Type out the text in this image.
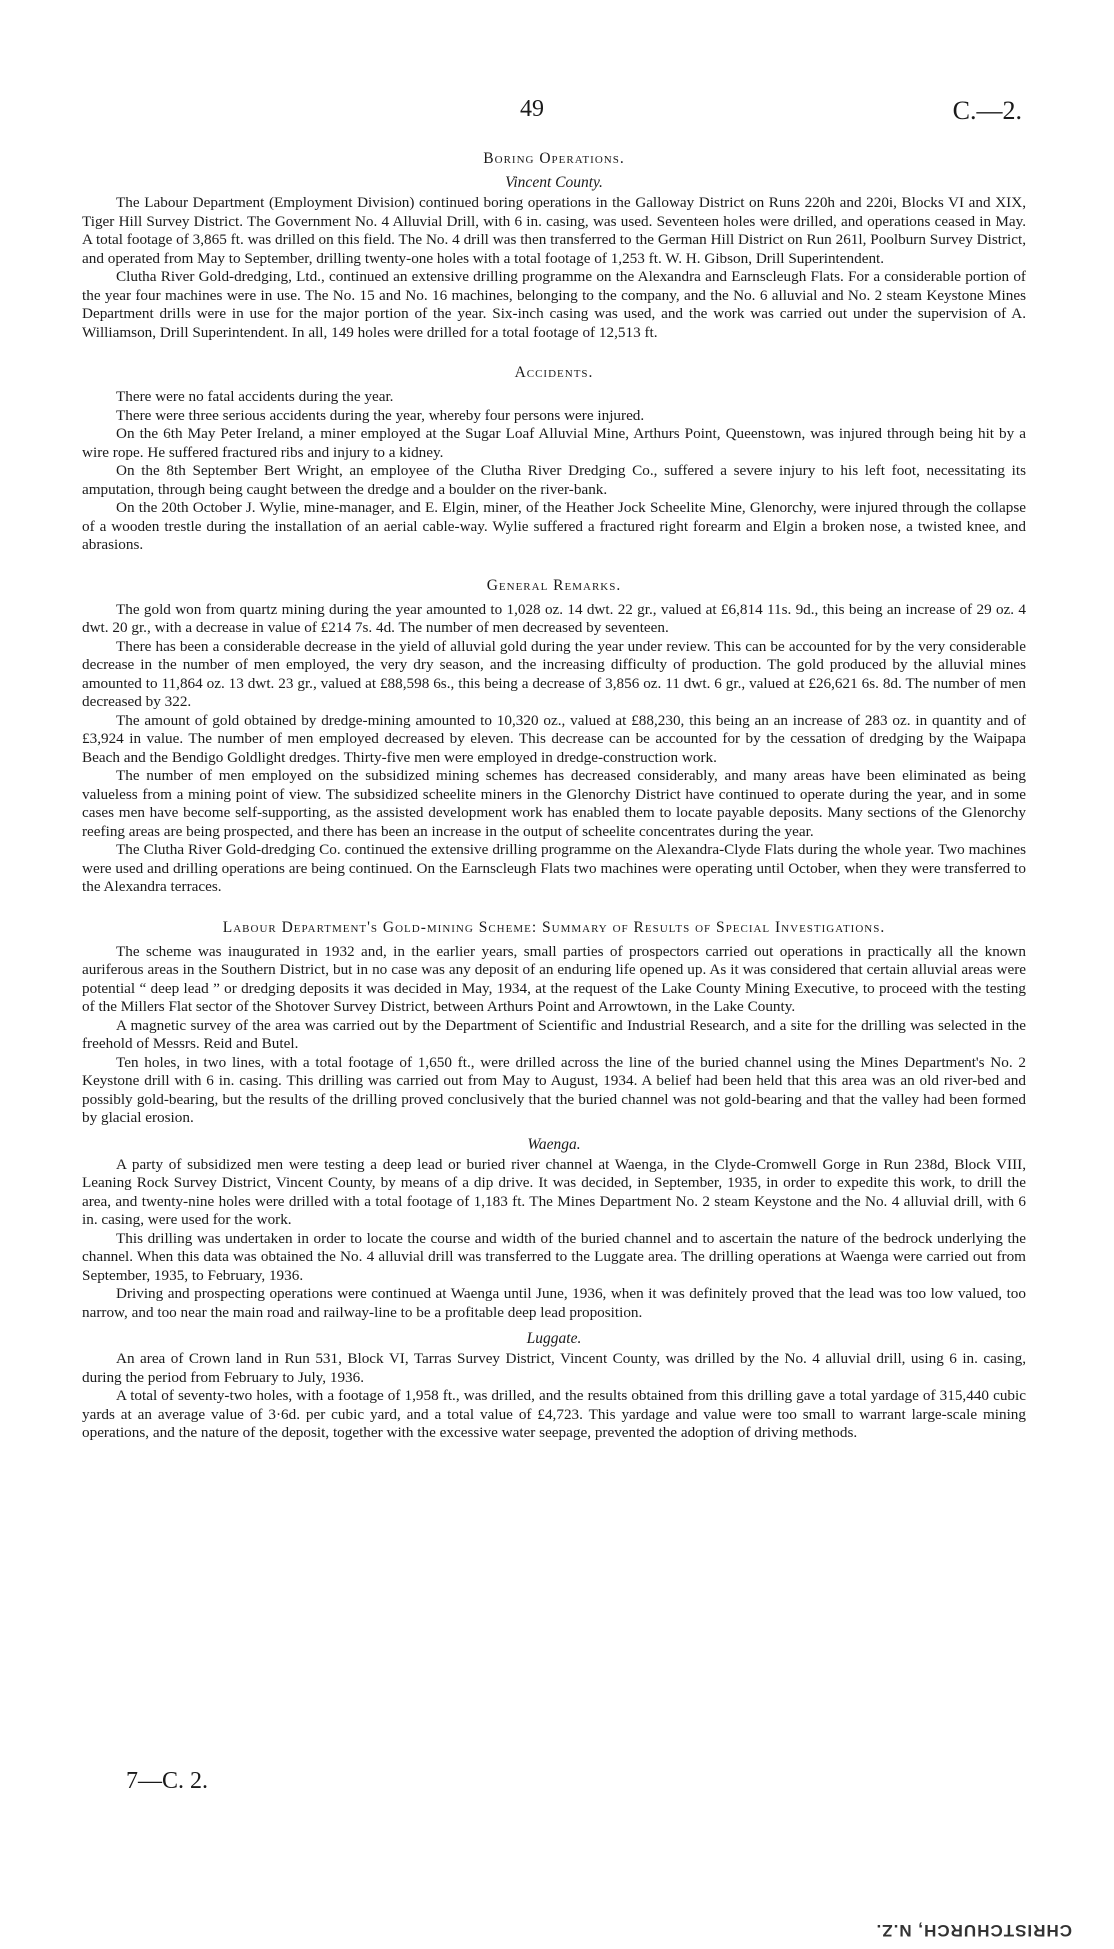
49	C.—2.
Boring Operations.
Vincent County.

The Labour Department (Employment Division) continued boring operations in the Galloway District on Runs 220h and 220i, Blocks VI and XIX, Tiger Hill Survey District. The Government No. 4 Alluvial Drill, with 6 in. casing, was used. Seventeen holes were drilled, and operations ceased in May. A total footage of 3,865 ft. was drilled on this field. The No. 4 drill was then transferred to the German Hill District on Run 261l, Poolburn Survey District, and operated from May to September, drilling twenty-one holes with a total footage of 1,253 ft. W. H. Gibson, Drill Superintendent.

Clutha River Gold-dredging, Ltd., continued an extensive drilling programme on the Alexandra and Earnscleugh Flats. For a considerable portion of the year four machines were in use. The No. 15 and No. 16 machines, belonging to the company, and the No. 6 alluvial and No. 2 steam Keystone Mines Department drills were in use for the major portion of the year. Six-inch casing was used, and the work was carried out under the supervision of A. Williamson, Drill Superintendent. In all, 149 holes were drilled for a total footage of 12,513 ft.

Accidents.

There were no fatal accidents during the year.

There were three serious accidents during the year, whereby four persons were injured.

On the 6th May Peter Ireland, a miner employed at the Sugar Loaf Alluvial Mine, Arthurs Point, Queenstown, was injured through being hit by a wire rope. He suffered fractured ribs and injury to a kidney.

On the 8th September Bert Wright, an employee of the Clutha River Dredging Co., suffered a severe injury to his left foot, necessitating its amputation, through being caught between the dredge and a boulder on the river-bank.

On the 20th October J. Wylie, mine-manager, and E. Elgin, miner, of the Heather Jock Scheelite Mine, Glenorchy, were injured through the collapse of a wooden trestle during the installation of an aerial cable-way. Wylie suffered a fractured right forearm and Elgin a broken nose, a twisted knee, and abrasions.

General Remarks.

The gold won from quartz mining during the year amounted to 1,028 oz. 14 dwt. 22 gr., valued at £6,814 11s. 9d., this being an increase of 29 oz. 4 dwt. 20 gr., with a decrease in value of £214 7s. 4d. The number of men decreased by seventeen.

There has been a considerable decrease in the yield of alluvial gold during the year under review. This can be accounted for by the very considerable decrease in the number of men employed, the very dry season, and the increasing difficulty of production. The gold produced by the alluvial mines amounted to 11,864 oz. 13 dwt. 23 gr., valued at £88,598 6s., this being a decrease of 3,856 oz. 11 dwt. 6 gr., valued at £26,621 6s. 8d. The number of men decreased by 322.

The amount of gold obtained by dredge-mining amounted to 10,320 oz., valued at £88,230, this being an an increase of 283 oz. in quantity and of £3,924 in value. The number of men employed decreased by eleven. This decrease can be accounted for by the cessation of dredging by the Waipapa Beach and the Bendigo Goldlight dredges. Thirty-five men were employed in dredge-construction work.

The number of men employed on the subsidized mining schemes has decreased considerably, and many areas have been eliminated as being valueless from a mining point of view. The subsidized scheelite miners in the Glenorchy District have continued to operate during the year, and in some cases men have become self-supporting, as the assisted development work has enabled them to locate payable deposits. Many sections of the Glenorchy reefing areas are being prospected, and there has been an increase in the output of scheelite concentrates during the year.

The Clutha River Gold-dredging Co. continued the extensive drilling programme on the Alexandra-Clyde Flats during the whole year. Two machines were used and drilling operations are being continued. On the Earnscleugh Flats two machines were operating until October, when they were transferred to the Alexandra terraces.

Labour Department's Gold-mining Scheme: Summary of Results of Special Investigations.

The scheme was inaugurated in 1932 and, in the earlier years, small parties of prospectors carried out operations in practically all the known auriferous areas in the Southern District, but in no case was any deposit of an enduring life opened up. As it was considered that certain alluvial areas were potential “ deep lead ” or dredging deposits it was decided in May, 1934, at the request of the Lake County Mining Executive, to proceed with the testing of the Millers Flat sector of the Shotover Survey District, between Arthurs Point and Arrowtown, in the Lake County.

A magnetic survey of the area was carried out by the Department of Scientific and Industrial Research, and a site for the drilling was selected in the freehold of Messrs. Reid and Butel.

Ten holes, in two lines, with a total footage of 1,650 ft., were drilled across the line of the buried channel using the Mines Department's No. 2 Keystone drill with 6 in. casing. This drilling was carried out from May to August, 1934. A belief had been held that this area was an old river-bed and possibly gold-bearing, but the results of the drilling proved conclusively that the buried channel was not gold-bearing and that the valley had been formed by glacial erosion.

Waenga.

A party of subsidized men were testing a deep lead or buried river channel at Waenga, in the Clyde-Cromwell Gorge in Run 238d, Block VIII, Leaning Rock Survey District, Vincent County, by means of a dip drive. It was decided, in September, 1935, in order to expedite this work, to drill the area, and twenty-nine holes were drilled with a total footage of 1,183 ft. The Mines Department No. 2 steam Keystone and the No. 4 alluvial drill, with 6 in. casing, were used for the work.

This drilling was undertaken in order to locate the course and width of the buried channel and to ascertain the nature of the bedrock underlying the channel. When this data was obtained the No. 4 alluvial drill was transferred to the Luggate area. The drilling operations at Waenga were carried out from September, 1935, to February, 1936.

Driving and prospecting operations were continued at Waenga until June, 1936, when it was definitely proved that the lead was too low valued, too narrow, and too near the main road and railway-line to be a profitable deep lead proposition.

Luggate.

An area of Crown land in Run 531, Block VI, Tarras Survey District, Vincent County, was drilled by the No. 4 alluvial drill, using 6 in. casing, during the period from February to July, 1936.

A total of seventy-two holes, with a footage of 1,958 ft., was drilled, and the results obtained from this drilling gave a total yardage of 315,440 cubic yards at an average value of 3·6d. per cubic yard, and a total value of £4,723. This yardage and value were too small to warrant large-scale mining operations, and the nature of the deposit, together with the excessive water seepage, prevented the adoption of driving methods.

7—C. 2.
CHRISTCHURCH, N.Z.
